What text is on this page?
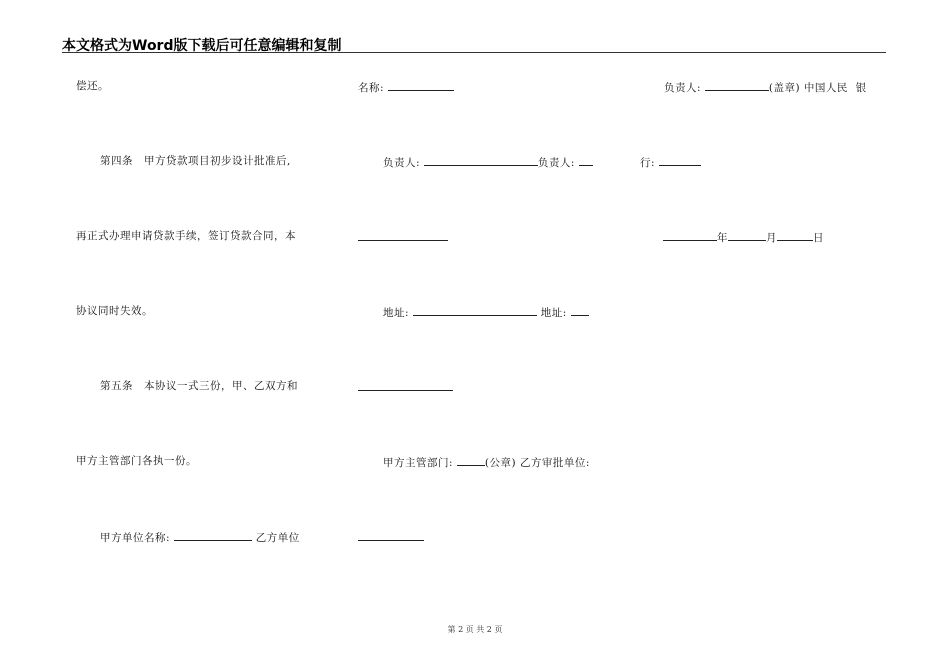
本文格式为Word版下载后可任意编辑和复制
偿还。
第四条　甲方贷款项目初步设计批准后,
再正式办理申请贷款手续，签订贷款合同，本
协议同时失效。
第五条　本协议一式三份，甲、乙双方和
甲方主管部门各执一份。
甲方单位名称:	乙方单位
名称:
负责人:	负责人:
地址:	地址:
甲方主管部门:	(公章) 乙方审批单位:
负责人:	(盖章) 中国人民 银
行:
年	月	日
第 2 页 共 2 页
